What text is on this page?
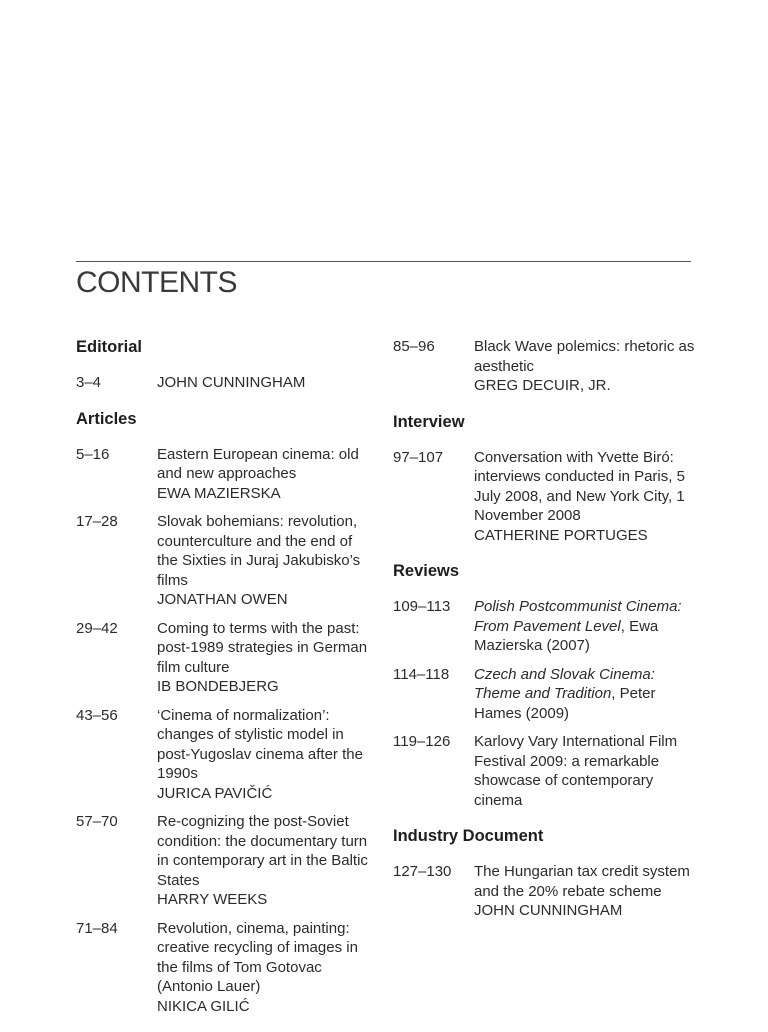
CONTENTS
Editorial
3–4	JOHN CUNNINGHAM
Articles
5–16	Eastern European cinema: old and new approaches
EWA MAZIERSKA
17–28	Slovak bohemians: revolution, counterculture and the end of the Sixties in Juraj Jakubisko’s films
JONATHAN OWEN
29–42	Coming to terms with the past: post-1989 strategies in German film culture
IB BONDEBJERG
43–56	‘Cinema of normalization’: changes of stylistic model in post-Yugoslav cinema after the 1990s
JURICA PAVIČIĆ
57–70	Re-cognizing the post-Soviet condition: the documentary turn in contemporary art in the Baltic States
HARRY WEEKS
71–84	Revolution, cinema, painting: creative recycling of images in the films of Tom Gotovac (Antonio Lauer)
NIKICA GILIĆ
85–96	Black Wave polemics: rhetoric as aesthetic
GREG DECUIR, JR.
Interview
97–107	Conversation with Yvette Biró: interviews conducted in Paris, 5 July 2008, and New York City, 1 November 2008
CATHERINE PORTUGES
Reviews
109–113	Polish Postcommunist Cinema: From Pavement Level, Ewa Mazierska (2007)
114–118	Czech and Slovak Cinema: Theme and Tradition, Peter Hames (2009)
119–126	Karlovy Vary International Film Festival 2009: a remarkable showcase of contemporary cinema
Industry Document
127–130	The Hungarian tax credit system and the 20% rebate scheme
JOHN CUNNINGHAM
